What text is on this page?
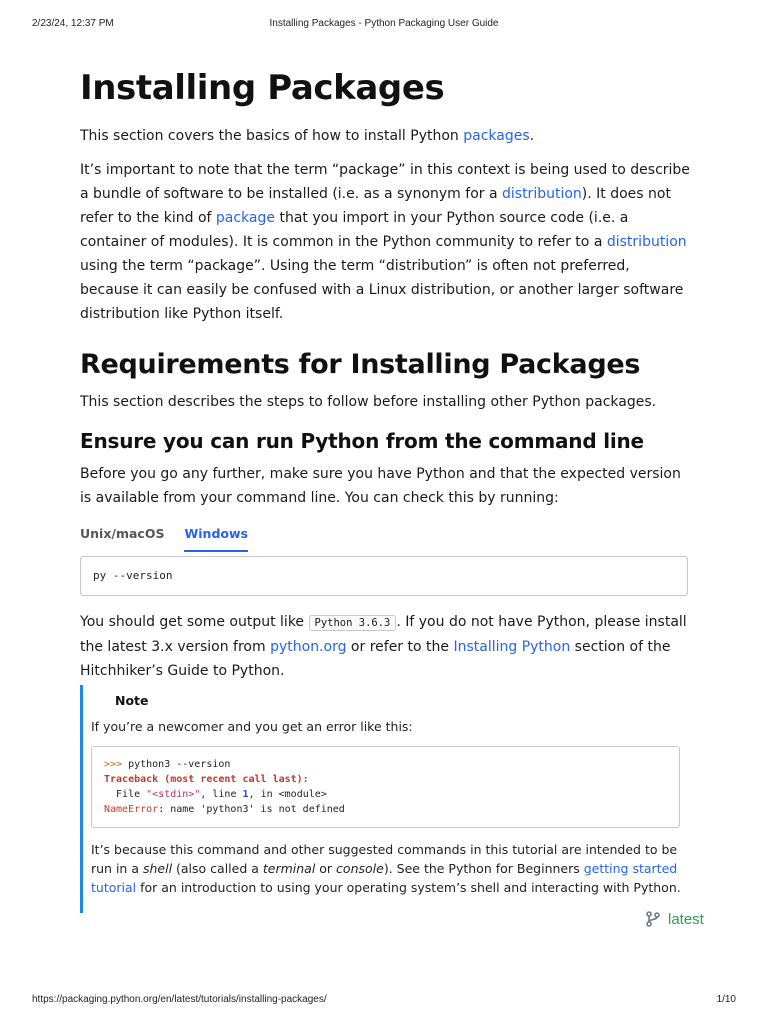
2/23/24, 12:37 PM	Installing Packages - Python Packaging User Guide
Installing Packages

This section covers the basics of how to install Python packages.

It’s important to note that the term “package” in this context is being used to describe a bundle of software to be installed (i.e. as a synonym for a distribution). It does not refer to the kind of package that you import in your Python source code (i.e. a container of modules). It is common in the Python community to refer to a distribution using the term “package”. Using the term “distribution” is often not preferred, because it can easily be confused with a Linux distribution, or another larger software distribution like Python itself.

Requirements for Installing Packages

This section describes the steps to follow before installing other Python packages.

Ensure you can run Python from the command line

Before you go any further, make sure you have Python and that the expected version is available from your command line. You can check this by running:

Unix/macOS Windows
py --version

You should get some output like Python 3.6.3 . If you do not have Python, please install the latest 3.x version from python.org or refer to the Installing Python section of the Hitchhiker’s Guide to Python.

Note
If you’re a newcomer and you get an error like this:
>>> python3 --version
Traceback (most recent call last):
File "<stdin>", line 1, in <module>
NameError: name 'python3' is not defined
It’s because this command and other suggested commands in this tutorial are intended to be run in a shell (also called a terminal or console). See the Python for Beginners getting started tutorial for an introduction to using your operating system’s shell and interacting with Python.
latest
https://packaging.python.org/en/latest/tutorials/installing-packages/	1/10
